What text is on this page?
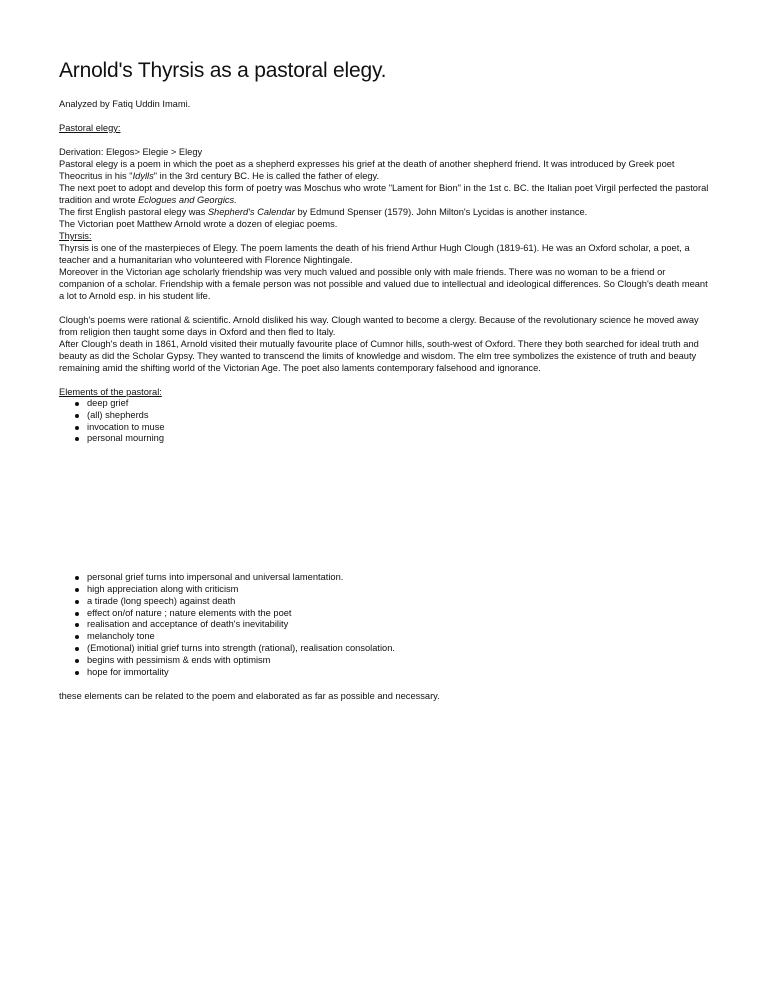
Arnold's Thyrsis as a pastoral elegy.

Analyzed by Fatiq Uddin Imami.

Pastoral elegy:

Derivation: Elegos> Elegie > Elegy

Pastoral elegy is a poem in which the poet as a shepherd expresses his grief at the death of another shepherd friend. It was introduced by Greek poet Theocritus in his "Idylls" in the 3rd century BC. He is called the father of elegy.

The next poet to adopt and develop this form of poetry was Moschus who wrote "Lament for Bion" in the 1st c. BC. the Italian poet Virgil perfected the pastoral tradition and wrote Eclogues and Georgics.

The first English pastoral elegy was Shepherd's Calendar by Edmund Spenser (1579). John Milton's Lycidas is another instance.

The Victorian poet Matthew Arnold wrote a dozen of elegiac poems.

Thyrsis:

Thyrsis is one of the masterpieces of Elegy. The poem laments the death of his friend Arthur Hugh Clough (1819-61). He was an Oxford scholar, a poet, a teacher and a humanitarian who volunteered with Florence Nightingale.

Moreover in the Victorian age scholarly friendship was very much valued and possible only with male friends. There was no woman to be a friend or companion of a scholar. Friendship with a female person was not possible and valued due to intellectual and ideological differences. So Clough's death meant a lot to Arnold esp. in his student life.

Clough's poems were rational & scientific. Arnold disliked his way. Clough wanted to become a clergy. Because of the revolutionary science he moved away from religion then taught some days in Oxford and then fled to Italy.

After Clough's death in 1861, Arnold visited their mutually favourite place of Cumnor hills, south-west of Oxford. There they both searched for ideal truth and beauty as did the Scholar Gypsy. They wanted to transcend the limits of knowledge and wisdom. The elm tree symbolizes the existence of truth and beauty remaining amid the shifting world of the Victorian Age. The poet also laments contemporary falsehood and ignorance.

Elements of the pastoral:

deep grief
(all) shepherds
invocation to muse
personal mourning
personal grief turns into impersonal and universal lamentation.
high appreciation along with criticism
a tirade (long speech) against death
effect on/of nature ; nature elements with the poet
realisation and acceptance of death's inevitability
melancholy tone
(Emotional) initial grief turns into strength (rational), realisation consolation.
begins with pessimism & ends with optimism
hope for immortality

these elements can be related to the poem and elaborated as far as possible and necessary.
